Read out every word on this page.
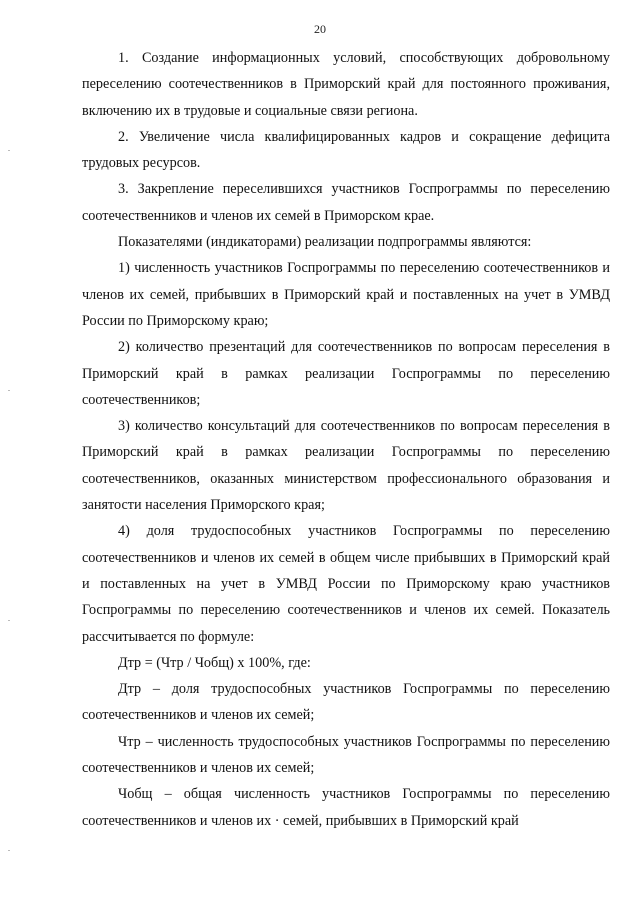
20

1. Создание информационных условий, способствующих добровольному переселению соотечественников в Приморский край для постоянного проживания, включению их в трудовые и социальные связи региона.

2. Увеличение числа квалифицированных кадров и сокращение дефицита трудовых ресурсов.

3. Закрепление переселившихся участников Госпрограммы по переселению соотечественников и членов их семей в Приморском крае.

Показателями (индикаторами) реализации подпрограммы являются:

1) численность участников Госпрограммы по переселению соотечественников и членов их семей, прибывших в Приморский край и поставленных на учет в УМВД России по Приморскому краю;

2) количество презентаций для соотечественников по вопросам переселения в Приморский край в рамках реализации Госпрограммы по переселению соотечественников;

3) количество консультаций для соотечественников по вопросам переселения в Приморский край в рамках реализации Госпрограммы по переселению соотечественников, оказанных министерством профессионального образования и занятости населения Приморского края;

4) доля трудоспособных участников Госпрограммы по переселению соотечественников и членов их семей в общем числе прибывших в Приморский край и поставленных на учет в УМВД России по Приморскому краю участников Госпрограммы по переселению соотечественников и членов их семей. Показатель рассчитывается по формуле:

Дтр = (Чтр / Чобщ) x 100%, где:

Дтр – доля трудоспособных участников Госпрограммы по переселению соотечественников и членов их семей;

Чтр – численность трудоспособных участников Госпрограммы по переселению соотечественников и членов их семей;

Чобщ – общая численность участников Госпрограммы по переселению соотечественников и членов их · семей, прибывших в Приморский край
